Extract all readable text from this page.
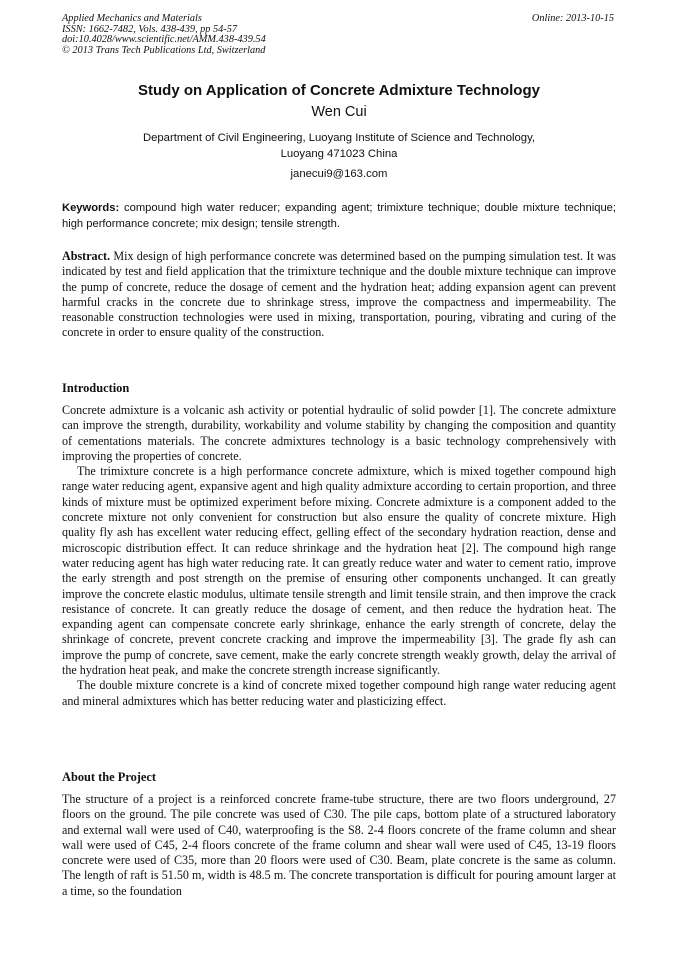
Applied Mechanics and Materials
ISSN: 1662-7482, Vols. 438-439, pp 54-57
doi:10.4028/www.scientific.net/AMM.438-439.54
© 2013 Trans Tech Publications Ltd, Switzerland
Online: 2013-10-15
Study on Application of Concrete Admixture Technology
Wen Cui
Department of Civil Engineering, Luoyang Institute of Science and Technology,
Luoyang 471023 China
janecui9@163.com
Keywords: compound high water reducer; expanding agent; trimixture technique; double mixture technique; high performance concrete; mix design; tensile strength.
Abstract. Mix design of high performance concrete was determined based on the pumping simulation test. It was indicated by test and field application that the trimixture technique and the double mixture technique can improve the pump of concrete, reduce the dosage of cement and the hydration heat; adding expansion agent can prevent harmful cracks in the concrete due to shrinkage stress, improve the compactness and impermeability. The reasonable construction technologies were used in mixing, transportation, pouring, vibrating and curing of the concrete in order to ensure quality of the construction.
Introduction

Concrete admixture is a volcanic ash activity or potential hydraulic of solid powder [1]. The concrete admixture can improve the strength, durability, workability and volume stability by changing the composition and quantity of cementations materials. The concrete admixtures technology is a basic technology comprehensively with improving the properties of concrete.

The trimixture concrete is a high performance concrete admixture, which is mixed together compound high range water reducing agent, expansive agent and high quality admixture according to certain proportion, and three kinds of mixture must be optimized experiment before mixing. Concrete admixture is a component added to the concrete mixture not only convenient for construction but also ensure the quality of concrete mixture. High quality fly ash has excellent water reducing effect, gelling effect of the secondary hydration reaction, dense and microscopic distribution effect. It can reduce shrinkage and the hydration heat [2]. The compound high range water reducing agent has high water reducing rate. It can greatly reduce water and water to cement ratio, improve the early strength and post strength on the premise of ensuring other components unchanged. It can greatly improve the concrete elastic modulus, ultimate tensile strength and limit tensile strain, and then improve the crack resistance of concrete. It can greatly reduce the dosage of cement, and then reduce the hydration heat. The expanding agent can compensate concrete early shrinkage, enhance the early strength of concrete, delay the shrinkage of concrete, prevent concrete cracking and improve the impermeability [3]. The grade fly ash can improve the pump of concrete, save cement, make the early concrete strength weakly growth, delay the arrival of the hydration heat peak, and make the concrete strength increase significantly.

The double mixture concrete is a kind of concrete mixed together compound high range water reducing agent and mineral admixtures which has better reducing water and plasticizing effect.

About the Project

The structure of a project is a reinforced concrete frame-tube structure, there are two floors underground, 27 floors on the ground. The pile concrete was used of C30. The pile caps, bottom plate of a structured laboratory and external wall were used of C40, waterproofing is the S8. 2-4 floors concrete of the frame column and shear wall were used of C45, 2-4 floors concrete of the frame column and shear wall were used of C45, 13-19 floors concrete were used of C35, more than 20 floors were used of C30. Beam, plate concrete is the same as column. The length of raft is 51.50 m, width is 48.5 m. The concrete transportation is difficult for pouring amount larger at a time, so the foundation
